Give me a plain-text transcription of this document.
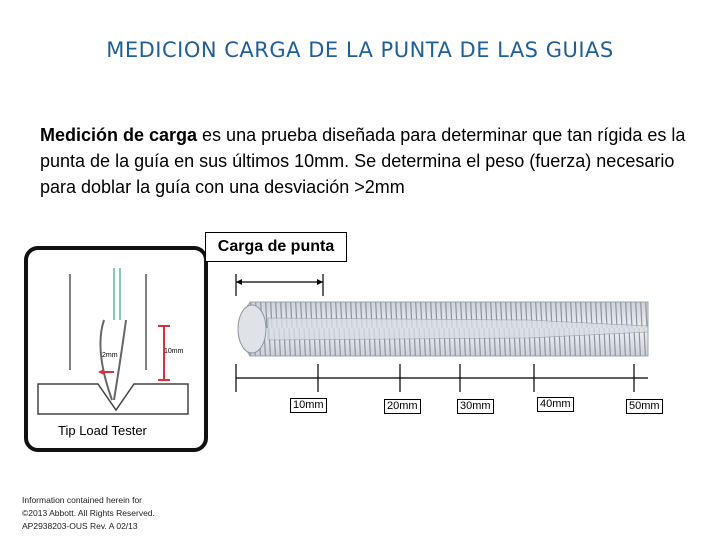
MEDICION CARGA DE LA PUNTA DE LAS GUIAS
Medición de carga es una prueba diseñada para determinar que tan rígida es la punta de la guía en sus últimos 10mm. Se determina el peso (fuerza) necesario para doblar la guía con una desviación >2mm
2mm
10mm
Tip Load Tester
Carga de punta
10mm	20mm	30mm	40mm	50mm
Information contained herein for
©2013 Abbott. All Rights Reserved.
AP2938203-OUS Rev. A 02/13
